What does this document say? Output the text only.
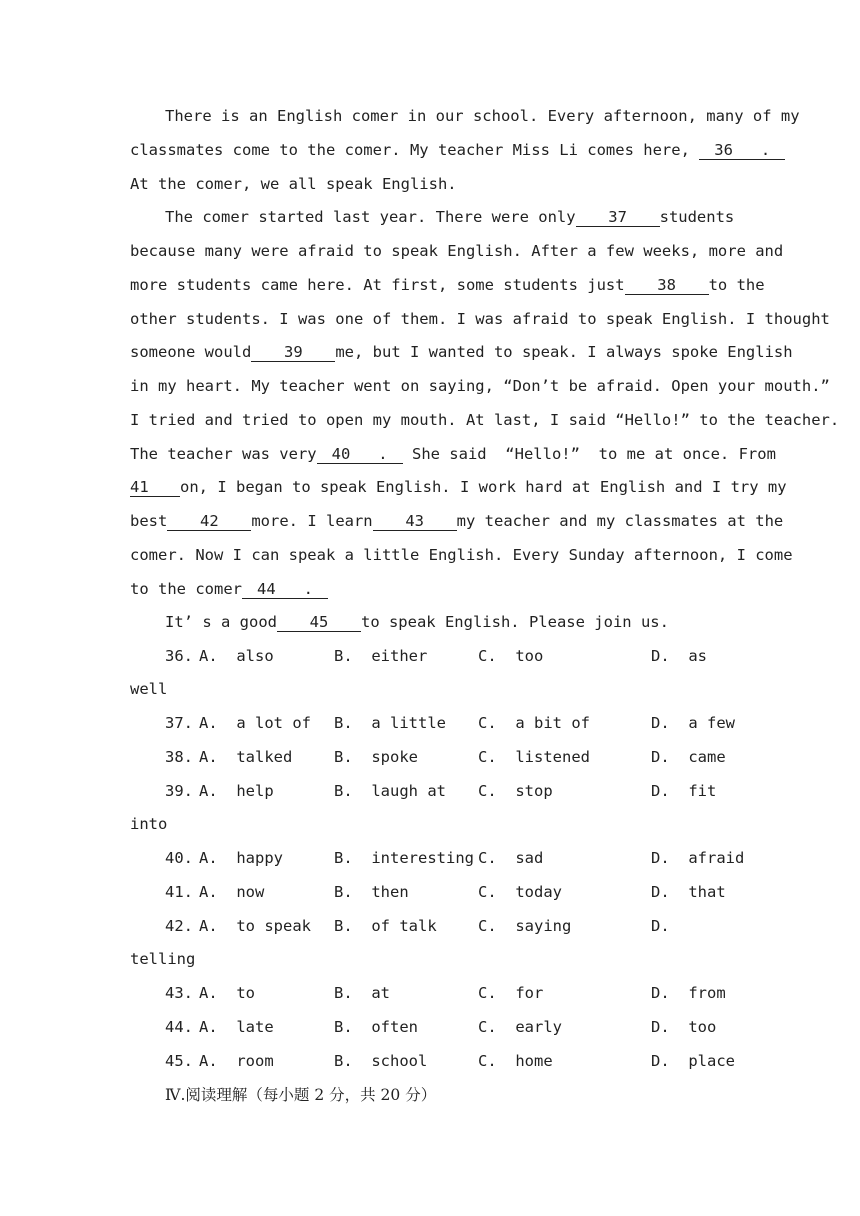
There is an English comer in our school. Every afternoon, many of my
classmates come to the comer. My teacher Miss Li comes here, 36   .
At the comer, we all speak English.
The comer started last year. There were only 37 students
because many were afraid to speak English. After a few weeks, more and
more students came here. At first, some students just 38 to the
other students. I was one of them. I was afraid to speak English. I thought
someone would 39 me, but I wanted to speak. I always spoke English
in my heart. My teacher went on saying, “Don’t be afraid. Open your mouth.”
I tried and tried to open my mouth. At last, I said “Hello!” to the teacher.
The teacher was very 40   . She said  “Hello!”  to me at once. From
41 on, I began to speak English. I work hard at English and I try my
best 42 more. I learn 43 my teacher and my classmates at the
comer. Now I can speak a little English. Every Sunday afternoon, I come
to the comer 44   .
It’ s a good 45 to speak English. Please join us.
36. A.  also	B.  either	C.  too	D.  as
well
37. A.  a lot of B.  a little C.  a bit of	D.  a few
38. A.  talked	B.  spoke	C.  listened	D.  came
39. A.  help	B.  laugh at C.  stop	D.  fit
into
40. A.  happy	B.  interesting C.  sad	D.  afraid
41. A.  now	B.  then	C.  today	D.  that
42. A.  to speak B.  of talk	C.  saying	D.
telling
43. A.  to	B.  at	C.  for	D.  from
44. A.  late	B.  often	C.  early	D.  too
45. A.  room	B.  school	C.  home	D.  place
Ⅳ.阅读理解（每小题 2 分，共 20 分）
